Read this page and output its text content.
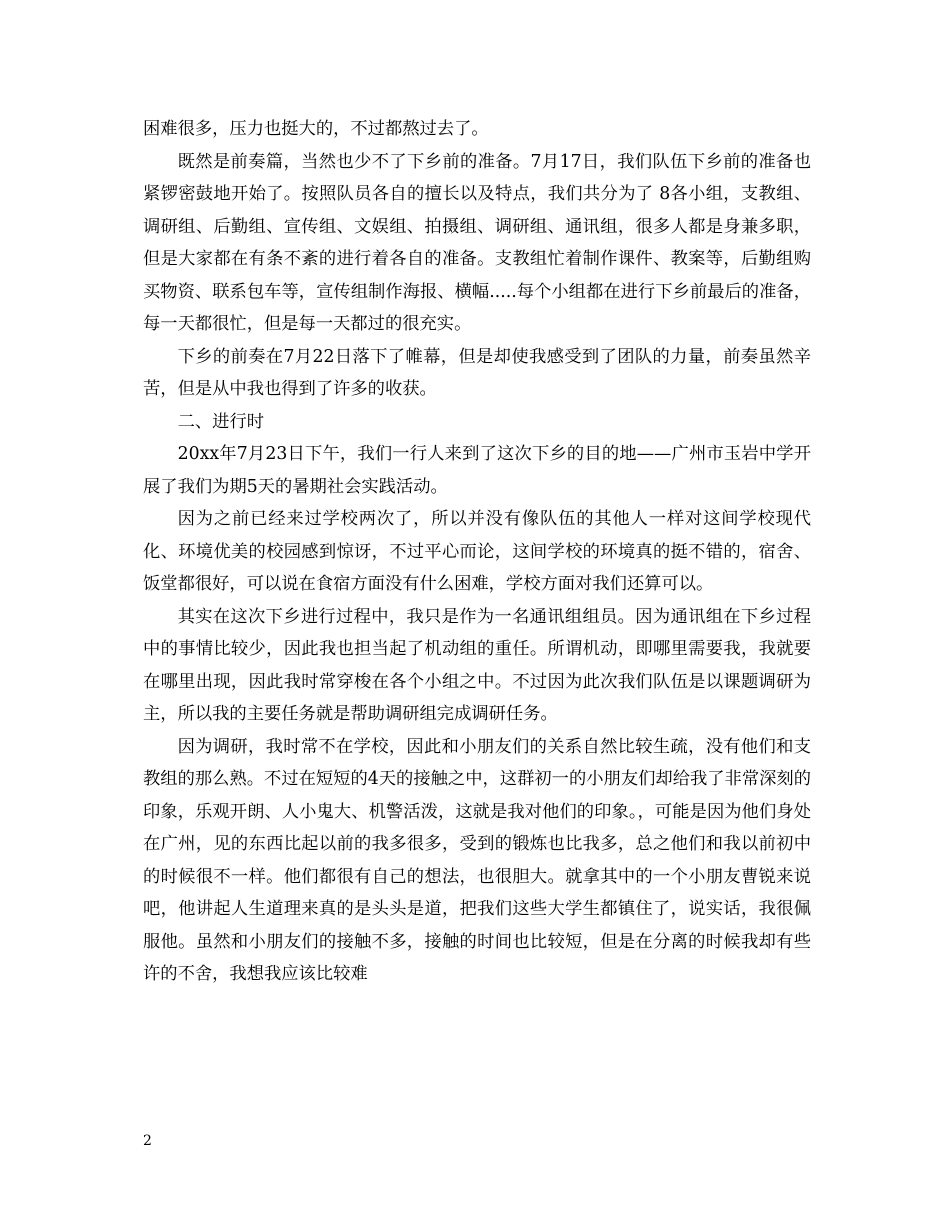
困难很多，压力也挺大的，不过都熬过去了。

既然是前奏篇，当然也少不了下乡前的准备。7月17日，我们队伍下乡前的准备也紧锣密鼓地开始了。按照队员各自的擅长以及特点，我们共分为了 8各小组，支教组、调研组、后勤组、宣传组、文娱组、拍摄组、调研组、通讯组，很多人都是身兼多职，但是大家都在有条不紊的进行着各自的准备。支教组忙着制作课件、教案等，后勤组购买物资、联系包车等，宣传组制作海报、横幅.....每个小组都在进行下乡前最后的准备，每一天都很忙，但是每一天都过的很充实。

下乡的前奏在7月22日落下了帷幕，但是却使我感受到了团队的力量，前奏虽然辛苦，但是从中我也得到了许多的收获。

二、进行时

20xx年7月23日下午，我们一行人来到了这次下乡的目的地——广州市玉岩中学开展了我们为期5天的暑期社会实践活动。

因为之前已经来过学校两次了，所以并没有像队伍的其他人一样对这间学校现代化、环境优美的校园感到惊讶，不过平心而论，这间学校的环境真的挺不错的，宿舍、饭堂都很好，可以说在食宿方面没有什么困难，学校方面对我们还算可以。

其实在这次下乡进行过程中，我只是作为一名通讯组组员。因为通讯组在下乡过程中的事情比较少，因此我也担当起了机动组的重任。所谓机动，即哪里需要我，我就要在哪里出现，因此我时常穿梭在各个小组之中。不过因为此次我们队伍是以课题调研为主，所以我的主要任务就是帮助调研组完成调研任务。

因为调研，我时常不在学校，因此和小朋友们的关系自然比较生疏，没有他们和支教组的那么熟。不过在短短的4天的接触之中，这群初一的小朋友们却给我了非常深刻的印象，乐观开朗、人小鬼大、机警活泼，这就是我对他们的印象。，可能是因为他们身处在广州，见的东西比起以前的我多很多，受到的锻炼也比我多，总之他们和我以前初中的时候很不一样。他们都很有自己的想法，也很胆大。就拿其中的一个小朋友曹锐来说吧，他讲起人生道理来真的是头头是道，把我们这些大学生都镇住了，说实话，我很佩服他。虽然和小朋友们的接触不多，接触的时间也比较短，但是在分离的时候我却有些许的不舍，我想我应该比较难

2
